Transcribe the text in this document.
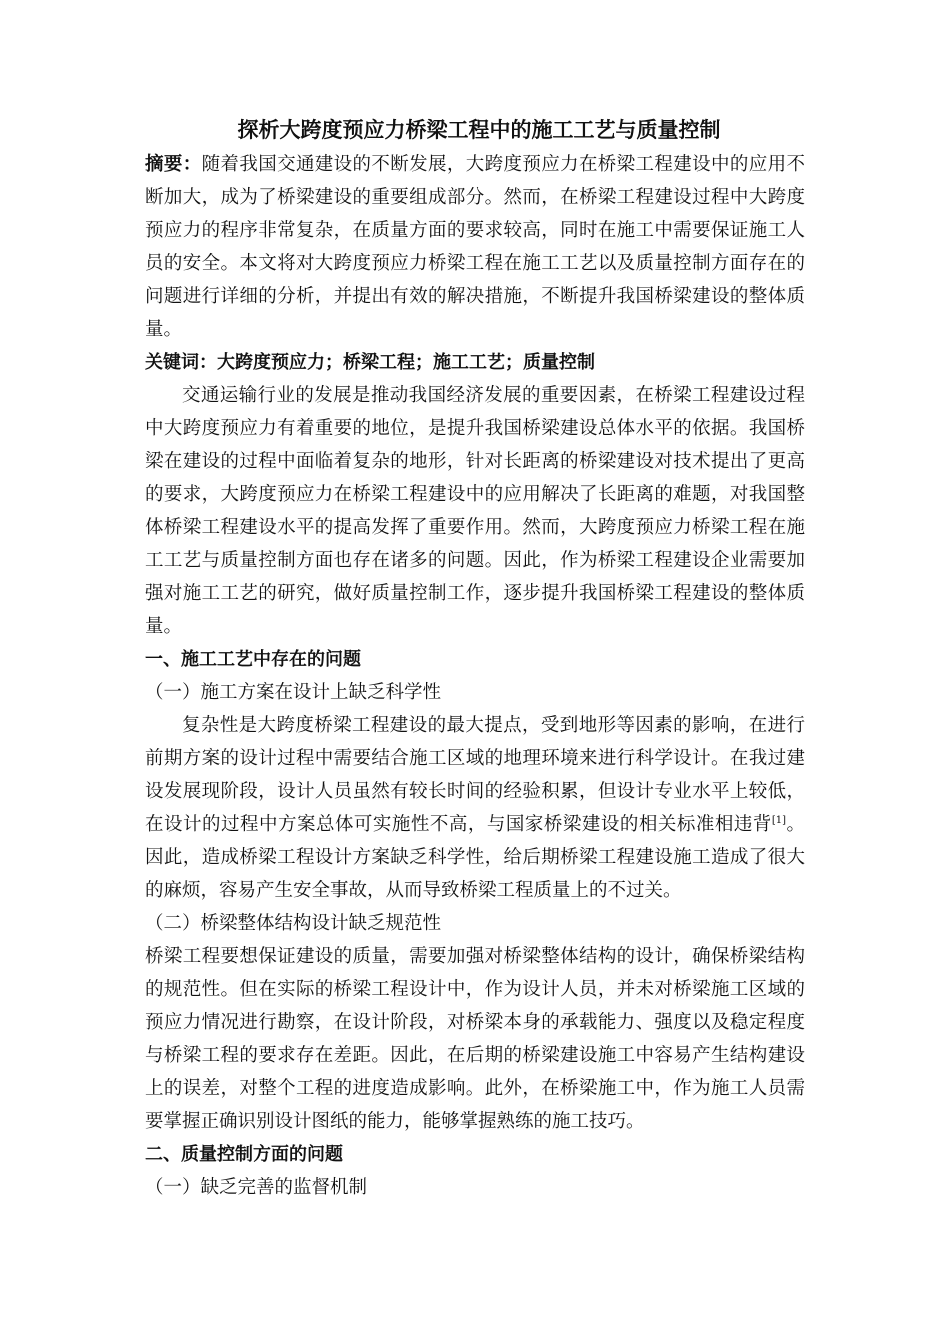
探析大跨度预应力桥梁工程中的施工工艺与质量控制

摘要：随着我国交通建设的不断发展，大跨度预应力在桥梁工程建设中的应用不断加大，成为了桥梁建设的重要组成部分。然而，在桥梁工程建设过程中大跨度预应力的程序非常复杂，在质量方面的要求较高，同时在施工中需要保证施工人员的安全。本文将对大跨度预应力桥梁工程在施工工艺以及质量控制方面存在的问题进行详细的分析，并提出有效的解决措施，不断提升我国桥梁建设的整体质量。

关键词：大跨度预应力；桥梁工程；施工工艺；质量控制

交通运输行业的发展是推动我国经济发展的重要因素，在桥梁工程建设过程中大跨度预应力有着重要的地位，是提升我国桥梁建设总体水平的依据。我国桥梁在建设的过程中面临着复杂的地形，针对长距离的桥梁建设对技术提出了更高的要求，大跨度预应力在桥梁工程建设中的应用解决了长距离的难题，对我国整体桥梁工程建设水平的提高发挥了重要作用。然而，大跨度预应力桥梁工程在施工工艺与质量控制方面也存在诸多的问题。因此，作为桥梁工程建设企业需要加强对施工工艺的研究，做好质量控制工作，逐步提升我国桥梁工程建设的整体质量。

一、施工工艺中存在的问题

（一）施工方案在设计上缺乏科学性

复杂性是大跨度桥梁工程建设的最大提点，受到地形等因素的影响，在进行前期方案的设计过程中需要结合施工区域的地理环境来进行科学设计。在我过建设发展现阶段，设计人员虽然有较长时间的经验积累，但设计专业水平上较低，在设计的过程中方案总体可实施性不高，与国家桥梁建设的相关标准相违背[1]。因此，造成桥梁工程设计方案缺乏科学性，给后期桥梁工程建设施工造成了很大的麻烦，容易产生安全事故，从而导致桥梁工程质量上的不过关。

（二）桥梁整体结构设计缺乏规范性

桥梁工程要想保证建设的质量，需要加强对桥梁整体结构的设计，确保桥梁结构的规范性。但在实际的桥梁工程设计中，作为设计人员，并未对桥梁施工区域的预应力情况进行勘察，在设计阶段，对桥梁本身的承载能力、强度以及稳定程度与桥梁工程的要求存在差距。因此，在后期的桥梁建设施工中容易产生结构建设上的误差，对整个工程的进度造成影响。此外，在桥梁施工中，作为施工人员需要掌握正确识别设计图纸的能力，能够掌握熟练的施工技巧。

二、质量控制方面的问题

（一）缺乏完善的监督机制
